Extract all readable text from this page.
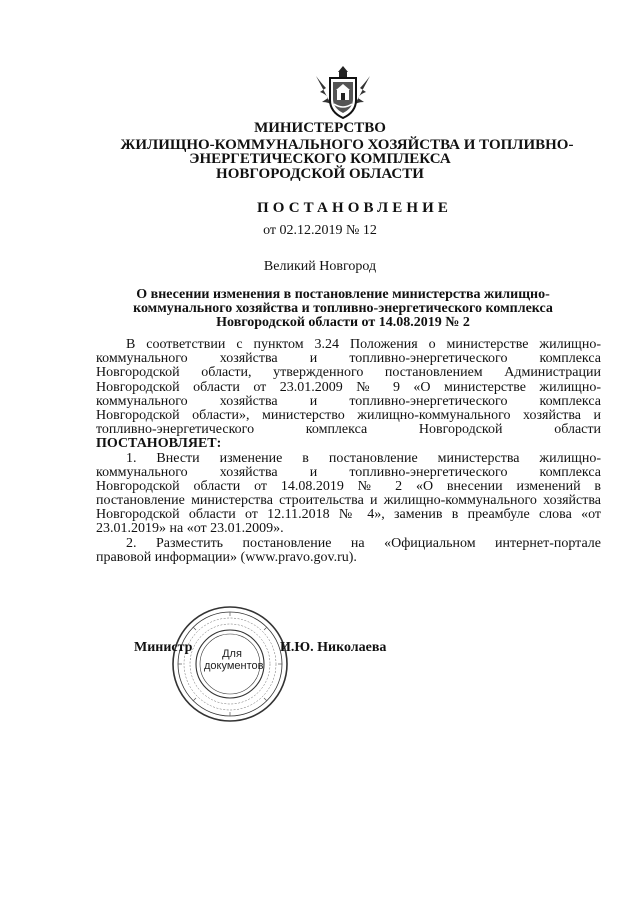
МИНИСТЕРСТВО
ЖИЛИЩНО-КОММУНАЛЬНОГО ХОЗЯЙСТВА И ТОПЛИВНО-
ЭНЕРГЕТИЧЕСКОГО КОМПЛЕКСА
НОВГОРОДСКОЙ ОБЛАСТИ
ПОСТАНОВЛЕНИЕ
от 02.12.2019 № 12
Великий Новгород
О внесении изменения в постановление министерства жилищно-
коммунального хозяйства и топливно-энергетического комплекса
Новгородской области от 14.08.2019 № 2
В соответствии с пунктом 3.24 Положения о министерстве жилищно-
коммунального хозяйства и топливно-энергетического комплекса
Новгородской области, утвержденного постановлением Администрации
Новгородской области от 23.01.2009 № 9 «О министерстве жилищно-
коммунального хозяйства и топливно-энергетического комплекса
Новгородской области», министерство жилищно-коммунального хозяйства и
топливно-энергетического комплекса Новгородской области
ПОСТАНОВЛЯЕТ:
1. Внести изменение в постановление министерства жилищно-
коммунального хозяйства и топливно-энергетического комплекса
Новгородской области от 14.08.2019 № 2 «О внесении изменений в
постановление министерства строительства и жилищно-коммунального хозяйства
Новгородской области от 12.11.2018 № 4», заменив в преамбуле слова «от
23.01.2019» на «от 23.01.2009».
2. Разместить постановление на «Официальном интернет-портале
правовой информации» (www.pravo.gov.ru).
Для
документов
Министр	И.Ю. Николаева
